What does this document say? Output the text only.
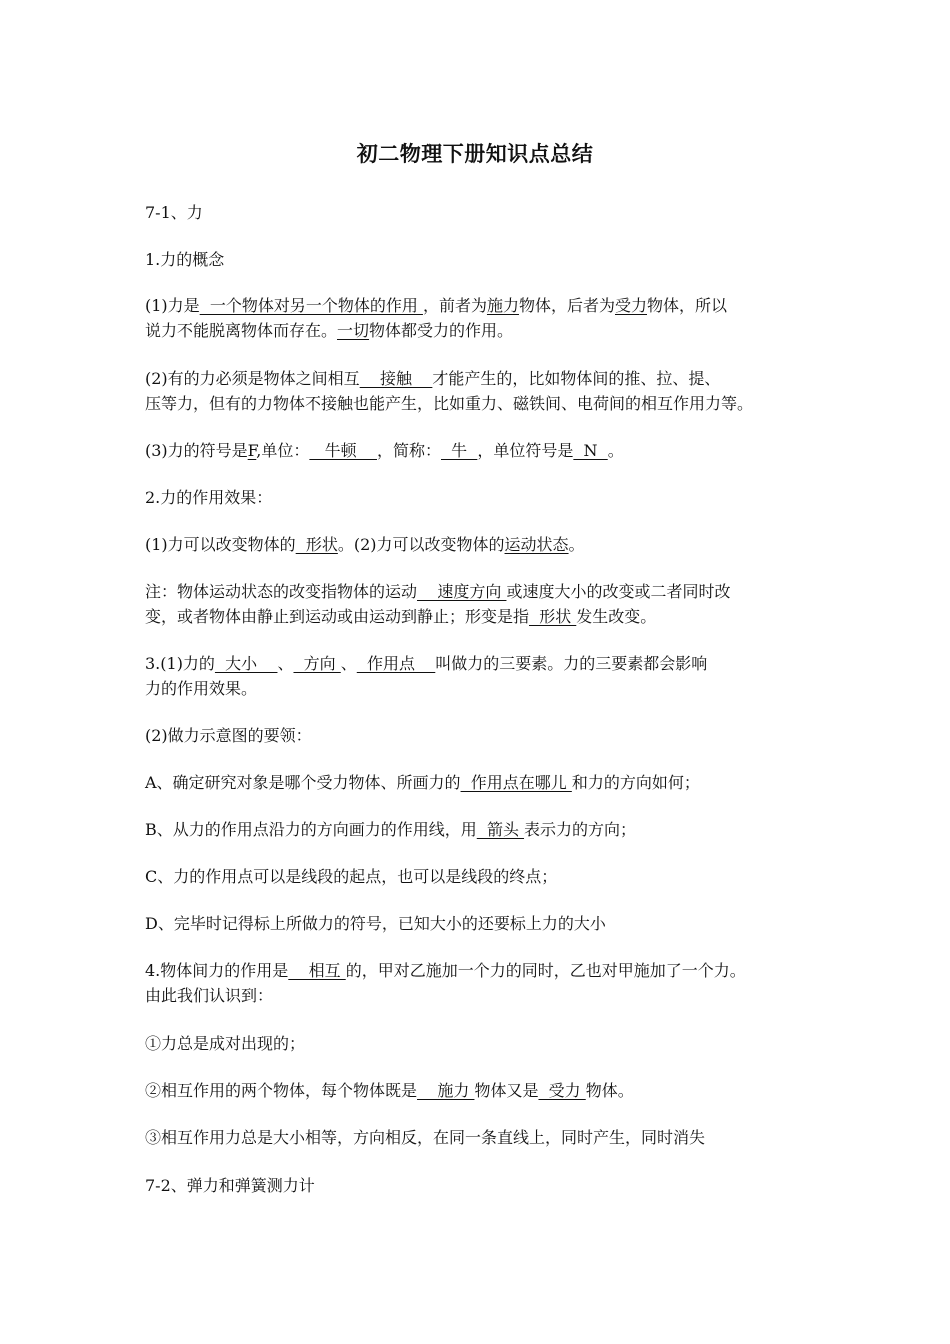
初二物理下册知识点总结
7-1、力
1.力的概念
(1)力是  一个物体对另一个物体的作用 ，前者为施力物体，后者为受力物体，所以
说力不能脱离物体而存在。一切物体都受力的作用。
(2)有的力必须是物体之间相互    接触    才能产生的，比如物体间的推、拉、提、
压等力，但有的力物体不接触也能产生，比如重力、磁铁间、电荷间的相互作用力等。
(3)力的符号是F,单位：   牛顿    ，简称：  牛  ，单位符号是  N  。
2.力的作用效果：
(1)力可以改变物体的  形状。(2)力可以改变物体的运动状态。
注：物体运动状态的改变指物体的运动    速度方向 或速度大小的改变或二者同时改
变，或者物体由静止到运动或由运动到静止；形变是指  形状 发生改变。
3.(1)力的  大小    、  方向 、  作用点    叫做力的三要素。力的三要素都会影响
力的作用效果。
(2)做力示意图的要领：
A、确定研究对象是哪个受力物体、所画力的  作用点在哪儿 和力的方向如何；
B、从力的作用点沿力的方向画力的作用线，用  箭头 表示力的方向；
C、力的作用点可以是线段的起点，也可以是线段的终点；
D、完毕时记得标上所做力的符号，已知大小的还要标上力的大小
4.物体间力的作用是    相互 的，甲对乙施加一个力的同时，乙也对甲施加了一个力。
由此我们认识到：
①力总是成对出现的；
②相互作用的两个物体，每个物体既是    施力 物体又是  受力 物体。
③相互作用力总是大小相等，方向相反，在同一条直线上，同时产生，同时消失
7-2、弹力和弹簧测力计
